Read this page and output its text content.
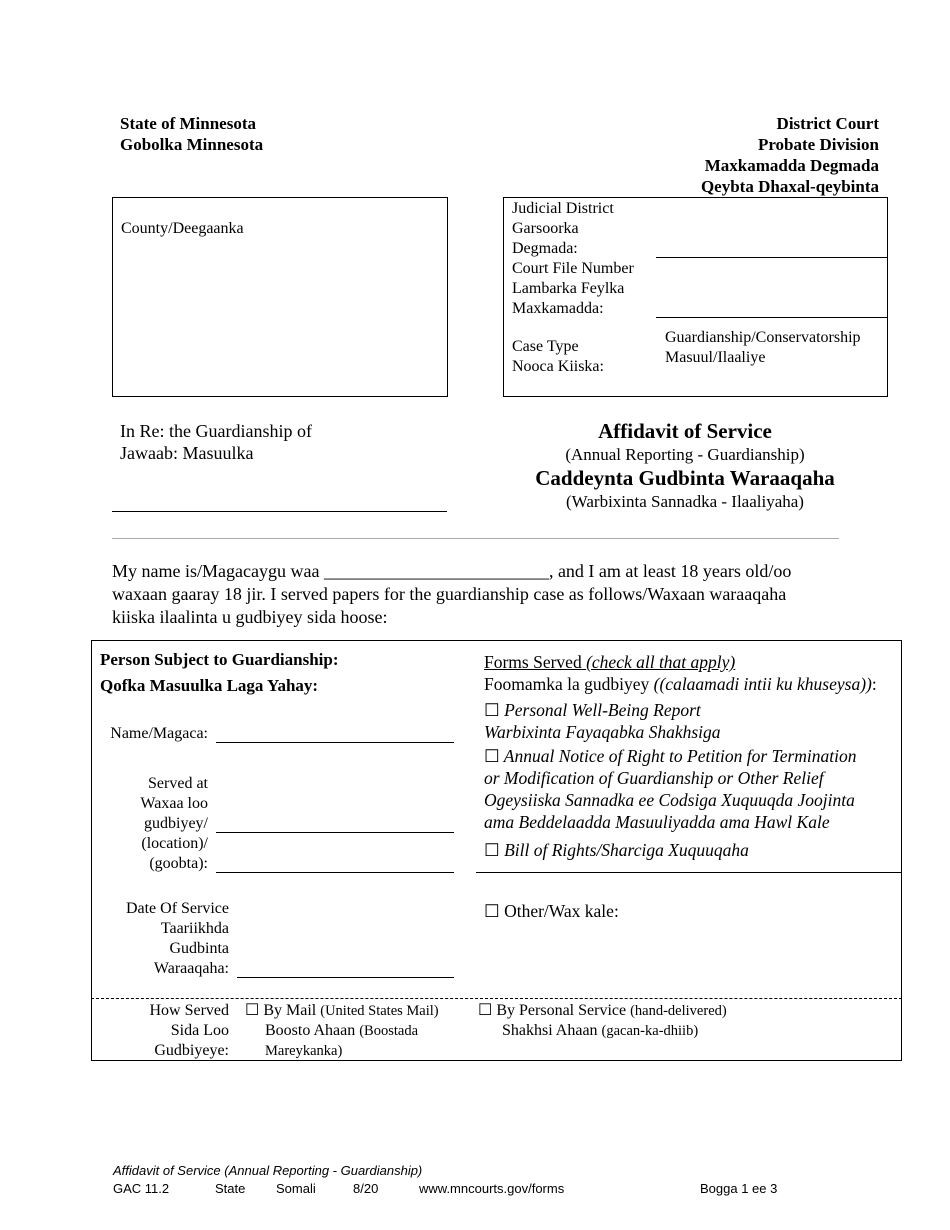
State of Minnesota
Gobolka Minnesota
District Court
Probate Division
Maxkamadda Degmada
Qeybta Dhaxal-qeybinta
County/Deegaanka
Judicial District
Garsoorka
Degmada:
Court File Number
Lambarka Feylka
Maxkamadda:
Case Type
Nooca Kiiska:
Guardianship/Conservatorship
Masuul/Ilaaliye
In Re: the Guardianship of
Jawaab: Masuulka
Affidavit of Service
(Annual Reporting - Guardianship)
Caddeynta Gudbinta Waraaqaha
(Warbixinta Sannadka - Ilaaliyaha)
My name is/Magacaygu waa _________________________, and I am at least 18 years old/oo
waxaan gaaray 18 jir. I served papers for the guardianship case as follows/Waxaan waraaqaha
kiiska ilaalinta u gudbiyey sida hoose:
Person Subject to Guardianship:
Qofka Masuulka Laga Yahay:
Name/Magaca:
Served at
Waxaa loo
gudbiyey/
(location)/
(goobta):
Date Of Service
Taariikhda
Gudbinta
Waraaqaha:
Forms Served (check all that apply)
Foomamka la gudbiyey ((calaamadi intii ku khuseysa)):
☐ Personal Well-Being Report
Warbixinta Fayaqabka Shakhsiga
☐ Annual Notice of Right to Petition for Termination
or Modification of Guardianship or Other Relief
Ogeysiiska Sannadka ee Codsiga Xuquuqda Joojinta
ama Beddelaadda Masuuliyadda ama Hawl Kale
☐ Bill of Rights/Sharciga Xuquuqaha
☐ Other/Wax kale:
How Served
Sida Loo
Gudbiyeye:
☐ By Mail (United States Mail)
Boosto Ahaan (Boostada
Mareykanka)
☐ By Personal Service (hand-delivered)
Shakhsi Ahaan (gacan-ka-dhiib)
Affidavit of Service (Annual Reporting - Guardianship)
GAC 11.2	State Somali	8/20	www.mncourts.gov/forms	Bogga 1 ee 3
